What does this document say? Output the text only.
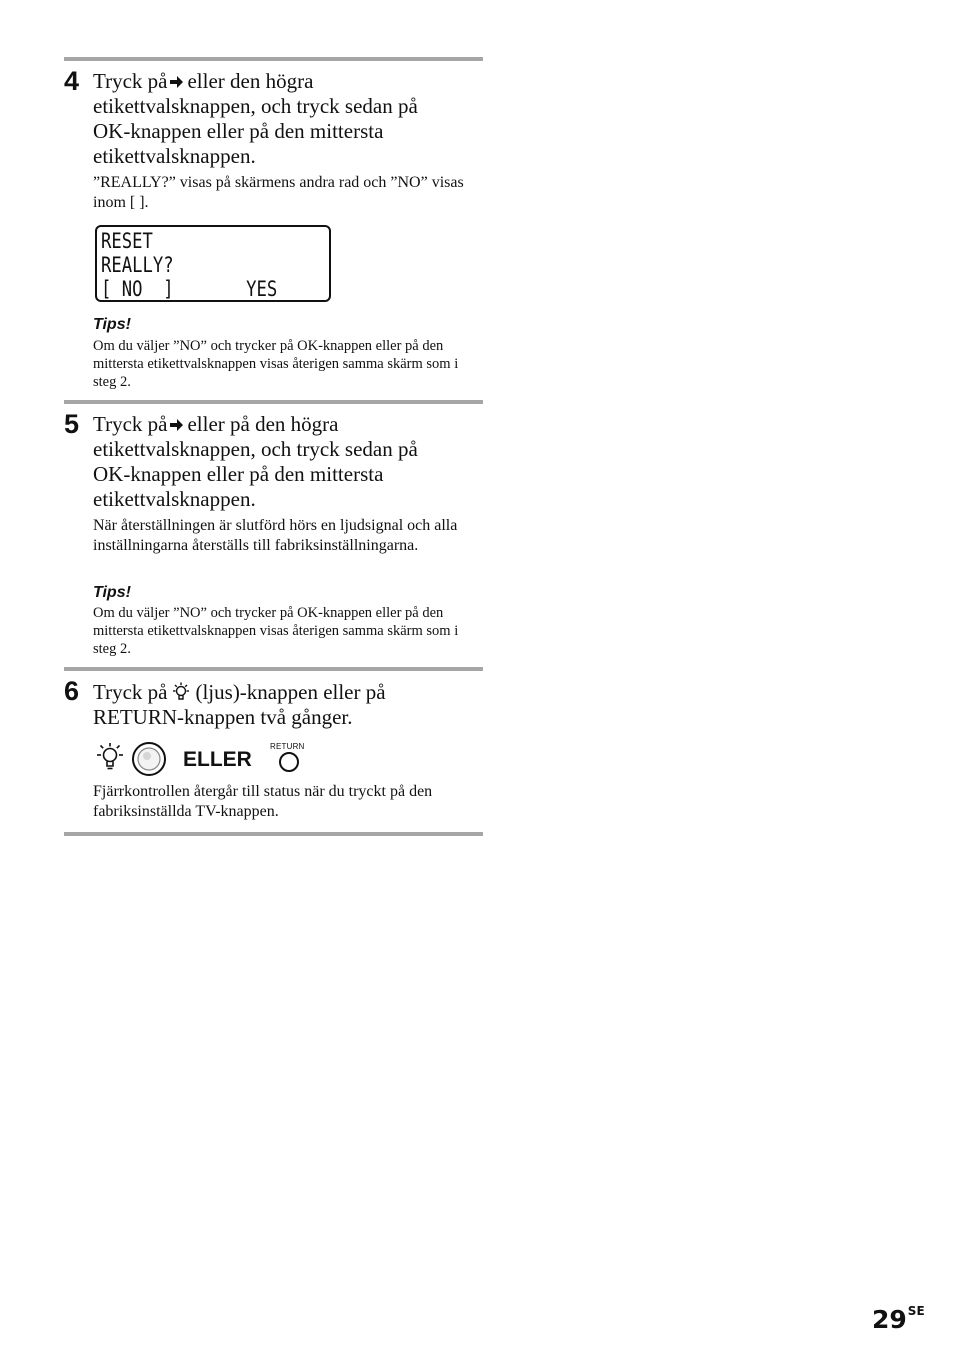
4 Tryck på eller den högra
etikettvalsknappen, och tryck sedan på
OK-knappen eller på den mittersta
etikettvalsknappen.
”REALLY?” visas på skärmens andra rad och ”NO” visas inom [ ].
RESET
REALLY?
[ NO  ]       YES
Tips!
Om du väljer ”NO” och trycker på OK-knappen eller på den mittersta etikettvalsknappen visas återigen samma skärm som i steg 2.
5 Tryck på eller på den högra
etikettvalsknappen, och tryck sedan på
OK-knappen eller på den mittersta
etikettvalsknappen.
När återställningen är slutförd hörs en ljudsignal och alla inställningarna återställs till fabriksinställningarna.
Tips!
Om du väljer ”NO” och trycker på OK-knappen eller på den mittersta etikettvalsknappen visas återigen samma skärm som i steg 2.
6 Tryck på (ljus)-knappen eller på
RETURN-knappen två gånger.
ELLER
RETURN
Fjärrkontrollen återgår till status när du tryckt på den fabriksinställda TV-knappen.
$29^{SE}$
